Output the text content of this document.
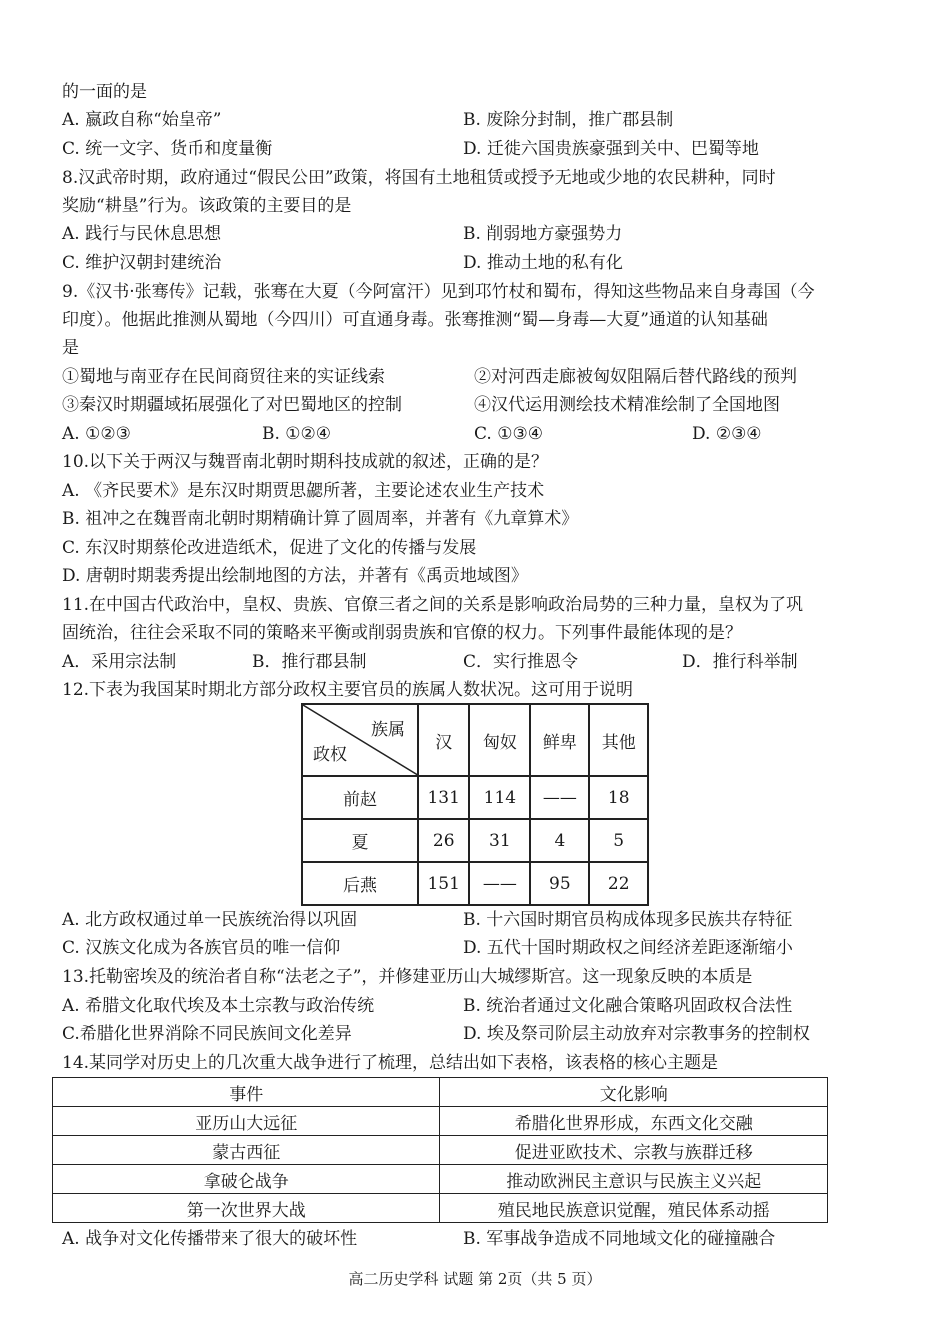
的一面的是
A. 嬴政自称“始皇帝”	B. 废除分封制，推广郡县制
C. 统一文字、货币和度量衡	D. 迁徙六国贵族豪强到关中、巴蜀等地
8.汉武帝时期，政府通过“假民公田”政策，将国有土地租赁或授予无地或少地的农民耕种，同时
奖励“耕垦”行为。该政策的主要目的是
A. 践行与民休息思想	B. 削弱地方豪强势力
C. 维护汉朝封建统治	D. 推动土地的私有化
9.《汉书·张骞传》记载，张骞在大夏（今阿富汗）见到邛竹杖和蜀布，得知这些物品来自身毒国（今
印度）。他据此推测从蜀地（今四川）可直通身毒。张骞推测“蜀—身毒—大夏”通道的认知基础
是
①蜀地与南亚存在民间商贸往来的实证线索	②对河西走廊被匈奴阻隔后替代路线的预判
③秦汉时期疆域拓展强化了对巴蜀地区的控制	④汉代运用测绘技术精准绘制了全国地图
A. ①②③	B. ①②④	C. ①③④	D. ②③④
10.以下关于两汉与魏晋南北朝时期科技成就的叙述，正确的是？
A. 《齐民要术》是东汉时期贾思勰所著，主要论述农业生产技术
B. 祖冲之在魏晋南北朝时期精确计算了圆周率，并著有《九章算术》
C. 东汉时期蔡伦改进造纸术，促进了文化的传播与发展
D. 唐朝时期裴秀提出绘制地图的方法，并著有《禹贡地域图》
11.在中国古代政治中，皇权、贵族、官僚三者之间的关系是影响政治局势的三种力量，皇权为了巩
固统治，往往会采取不同的策略来平衡或削弱贵族和官僚的权力。下列事件最能体现的是？
A．采用宗法制	B．推行郡县制	C．实行推恩令	D．推行科举制
12.下表为我国某时期北方部分政权主要官员的族属人数状况。这可用于说明
族属
政权	汉	匈奴	鲜卑	其他
前赵	131	114	——	18
夏	26	31	4	5
后燕	151	——	95	22
A. 北方政权通过单一民族统治得以巩固	B. 十六国时期官员构成体现多民族共存特征
C. 汉族文化成为各族官员的唯一信仰	D. 五代十国时期政权之间经济差距逐渐缩小
13.托勒密埃及的统治者自称“法老之子”，并修建亚历山大城缪斯宫。这一现象反映的本质是
A. 希腊文化取代埃及本土宗教与政治传统	B. 统治者通过文化融合策略巩固政权合法性
C.希腊化世界消除不同民族间文化差异	D. 埃及祭司阶层主动放弃对宗教事务的控制权
14.某同学对历史上的几次重大战争进行了梳理，总结出如下表格，该表格的核心主题是
事件	文化影响
亚历山大远征	希腊化世界形成，东西文化交融
蒙古西征	促进亚欧技术、宗教与族群迁移
拿破仑战争	推动欧洲民主意识与民族主义兴起
第一次世界大战	殖民地民族意识觉醒，殖民体系动摇
A. 战争对文化传播带来了很大的破坏性	B. 军事战争造成不同地域文化的碰撞融合
高二历史学科 试题 第 2页（共 5 页）
